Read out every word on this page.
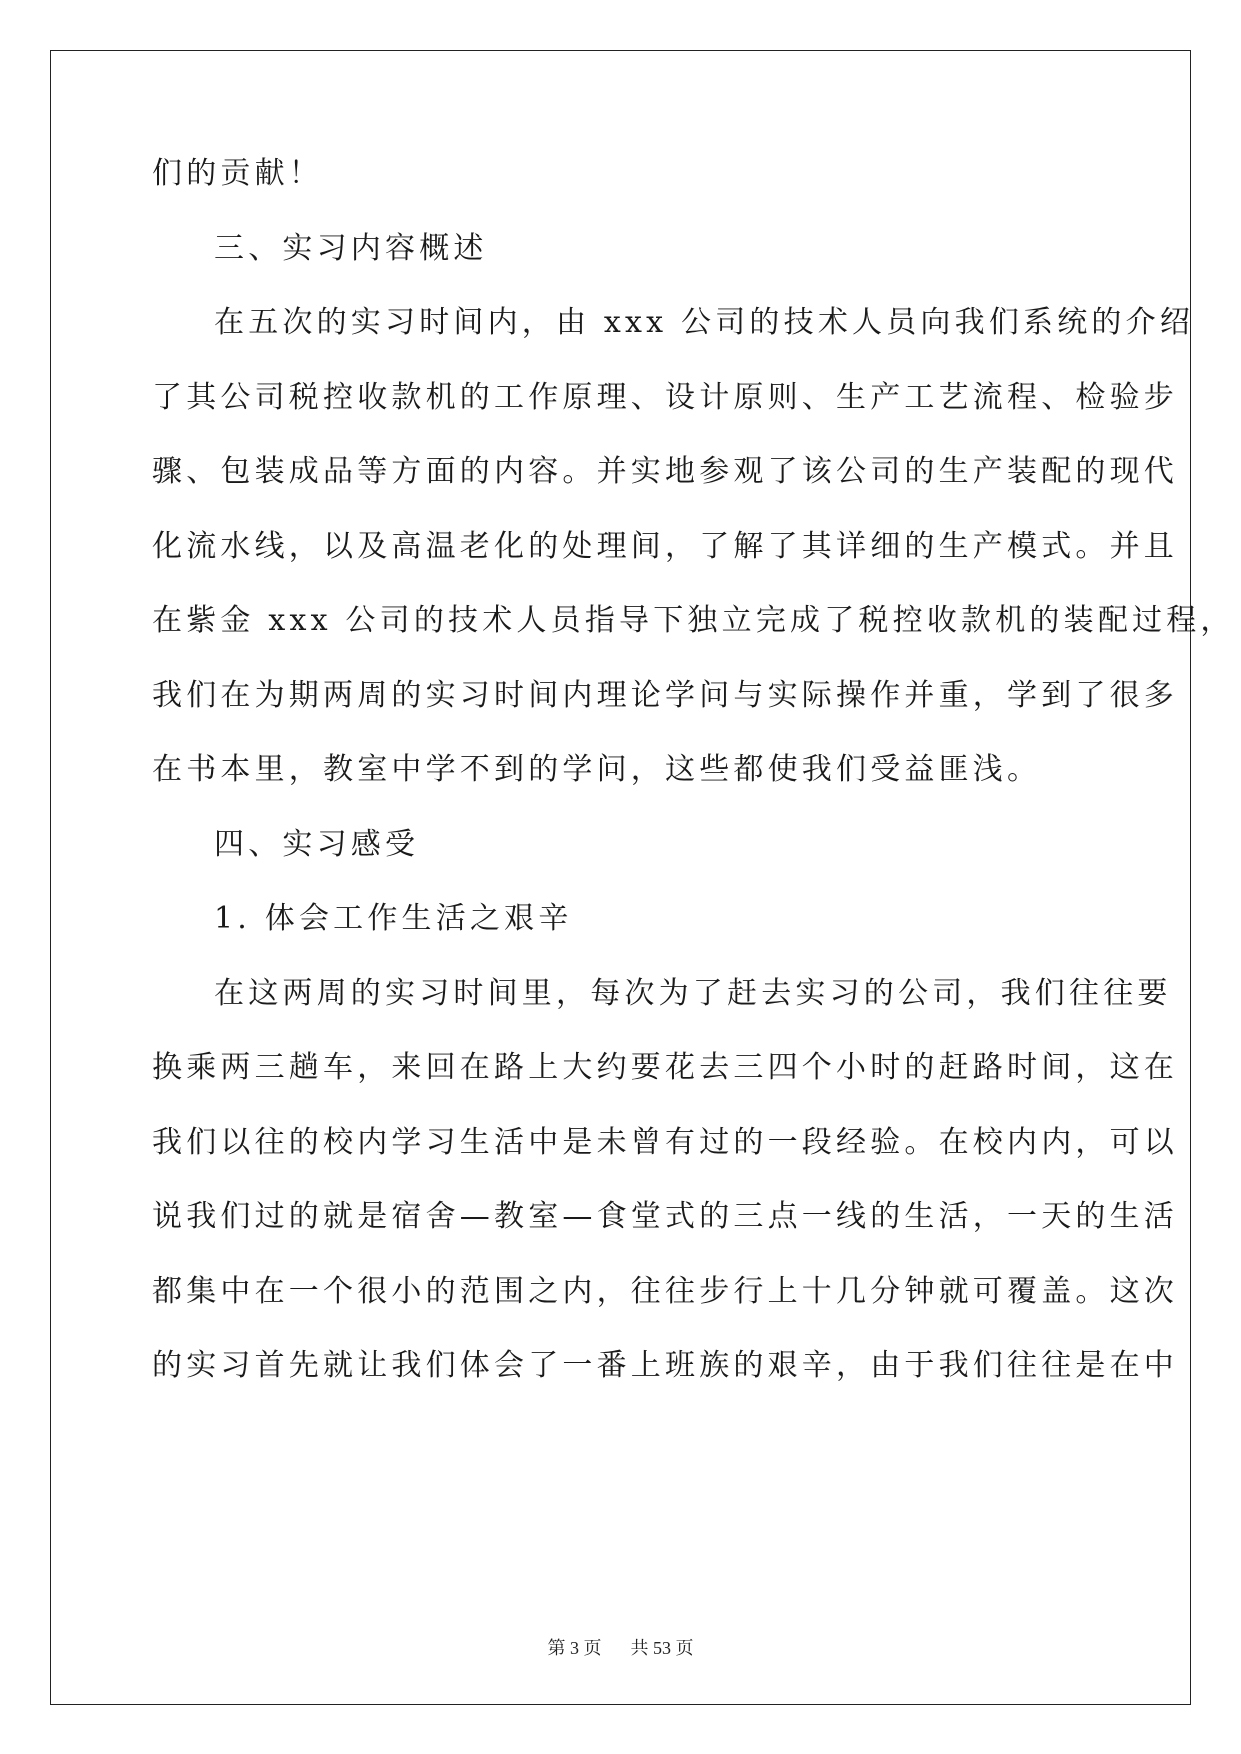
们的贡献！
三、实习内容概述
在五次的实习时间内，由 xxx 公司的技术人员向我们系统的介绍
了其公司税控收款机的工作原理、设计原则、生产工艺流程、检验步
骤、包装成品等方面的内容。并实地参观了该公司的生产装配的现代
化流水线，以及高温老化的处理间，了解了其详细的生产模式。并且
在紫金 xxx 公司的技术人员指导下独立完成了税控收款机的装配过程，
我们在为期两周的实习时间内理论学问与实际操作并重，学到了很多
在书本里，教室中学不到的学问，这些都使我们受益匪浅。
四、实习感受
1. 体会工作生活之艰辛
在这两周的实习时间里，每次为了赶去实习的公司，我们往往要
换乘两三趟车，来回在路上大约要花去三四个小时的赶路时间，这在
我们以往的校内学习生活中是未曾有过的一段经验。在校内内，可以
说我们过的就是宿舍—教室—食堂式的三点一线的生活，一天的生活
都集中在一个很小的范围之内，往往步行上十几分钟就可覆盖。这次
的实习首先就让我们体会了一番上班族的艰辛，由于我们往往是在中
第 3 页 共 53 页
